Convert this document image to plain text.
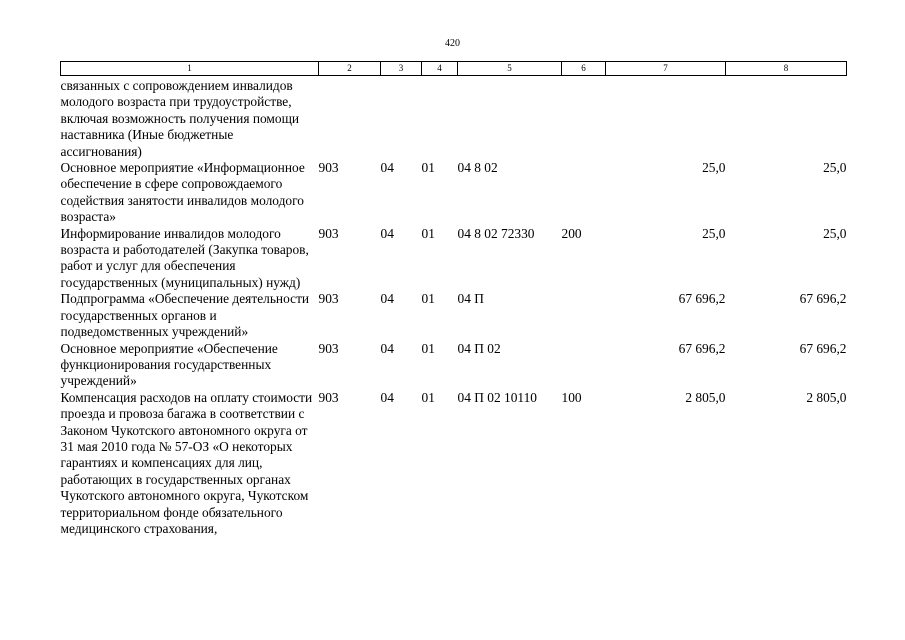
420
1	2	3	4	5	6	7	8

связанных с сопровождением инвалидов молодого возраста при трудоустройстве, включая возможность получения помощи наставника (Иные бюджетные ассигнования)							
Основное мероприятие «Информационное обеспечение в сфере сопровождаемого содействия занятости инвалидов молодого возраста»	903	04	01	04 8 02		25,0	25,0
Информирование инвалидов молодого возраста и работодателей (Закупка товаров, работ и услуг для обеспечения государственных (муниципальных) нужд)	903	04	01	04 8 02 72330	200	25,0	25,0
Подпрограмма «Обеспечение деятельности государственных органов и подведомственных учреждений»	903	04	01	04 П		67 696,2	67 696,2
Основное мероприятие «Обеспечение функционирования государственных учреждений»	903	04	01	04 П 02		67 696,2	67 696,2
Компенсация расходов на оплату стоимости проезда и провоза багажа в соответствии с Законом Чукотского автономного округа от 31 мая 2010 года № 57-ОЗ «О некоторых гарантиях и компенсациях для лиц, работающих в государственных органах Чукотского автономного округа, Чукотском территориальном фонде обязательного медицинского страхования,	903	04	01	04 П 02 10110	100	2 805,0	2 805,0
